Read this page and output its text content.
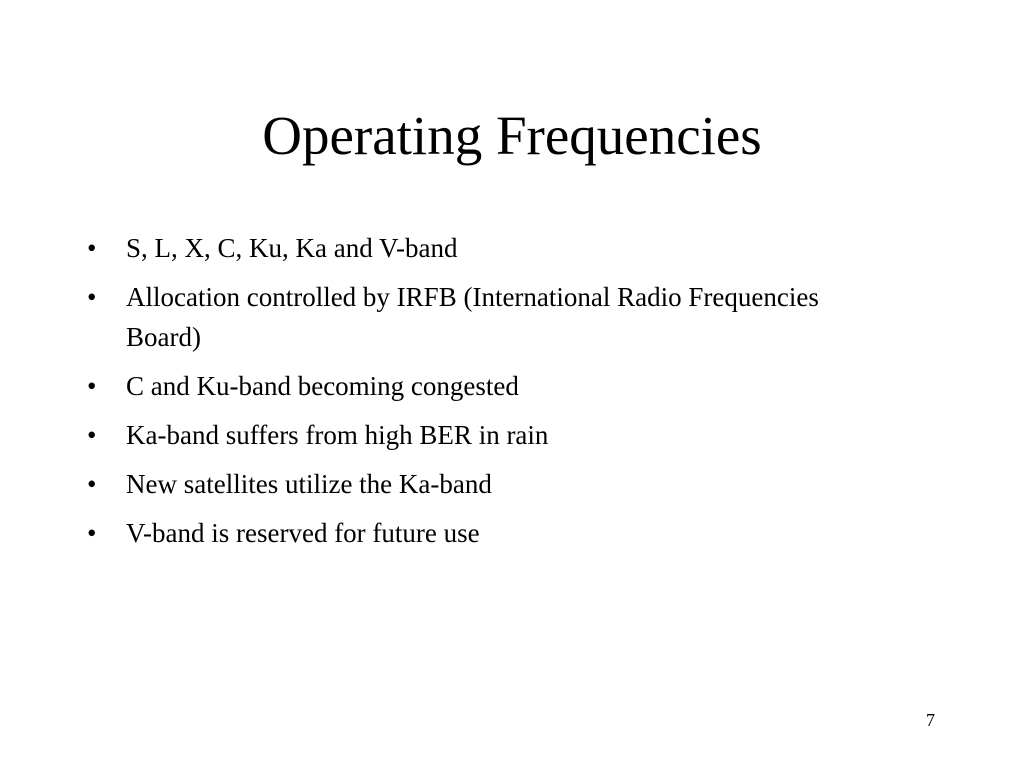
Operating Frequencies
•	S, L, X, C, Ku, Ka and V-band
•	Allocation controlled by IRFB (International Radio Frequencies Board)
•	C and Ku-band becoming congested
•	Ka-band suffers from high BER in rain
•	New satellites utilize the Ka-band
•	V-band is reserved for future use
7
